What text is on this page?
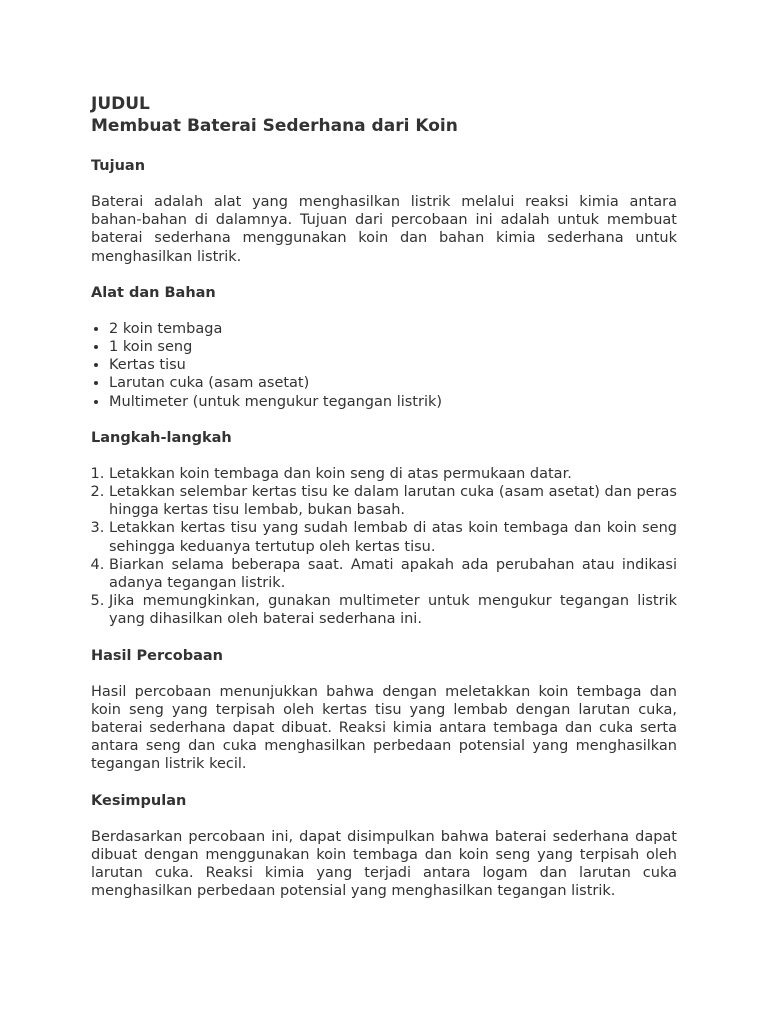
JUDUL
Membuat Baterai Sederhana dari Koin
Tujuan

Baterai adalah alat yang menghasilkan listrik melalui reaksi kimia antara bahan-bahan di dalamnya. Tujuan dari percobaan ini adalah untuk membuat baterai sederhana menggunakan koin dan bahan kimia sederhana untuk menghasilkan listrik.

Alat dan Bahan
• 2 koin tembaga
• 1 koin seng
• Kertas tisu
• Larutan cuka (asam asetat)
• Multimeter (untuk mengukur tegangan listrik)
Langkah-langkah
1. Letakkan koin tembaga dan koin seng di atas permukaan datar.
2. Letakkan selembar kertas tisu ke dalam larutan cuka (asam asetat) dan peras hingga kertas tisu lembab, bukan basah.
3. Letakkan kertas tisu yang sudah lembab di atas koin tembaga dan koin seng sehingga keduanya tertutup oleh kertas tisu.
4. Biarkan selama beberapa saat. Amati apakah ada perubahan atau indikasi adanya tegangan listrik.
5. Jika memungkinkan, gunakan multimeter untuk mengukur tegangan listrik yang dihasilkan oleh baterai sederhana ini.
Hasil Percobaan

Hasil percobaan menunjukkan bahwa dengan meletakkan koin tembaga dan koin seng yang terpisah oleh kertas tisu yang lembab dengan larutan cuka, baterai sederhana dapat dibuat. Reaksi kimia antara tembaga dan cuka serta antara seng dan cuka menghasilkan perbedaan potensial yang menghasilkan tegangan listrik kecil.

Kesimpulan

Berdasarkan percobaan ini, dapat disimpulkan bahwa baterai sederhana dapat dibuat dengan menggunakan koin tembaga dan koin seng yang terpisah oleh larutan cuka. Reaksi kimia yang terjadi antara logam dan larutan cuka menghasilkan perbedaan potensial yang menghasilkan tegangan listrik.
